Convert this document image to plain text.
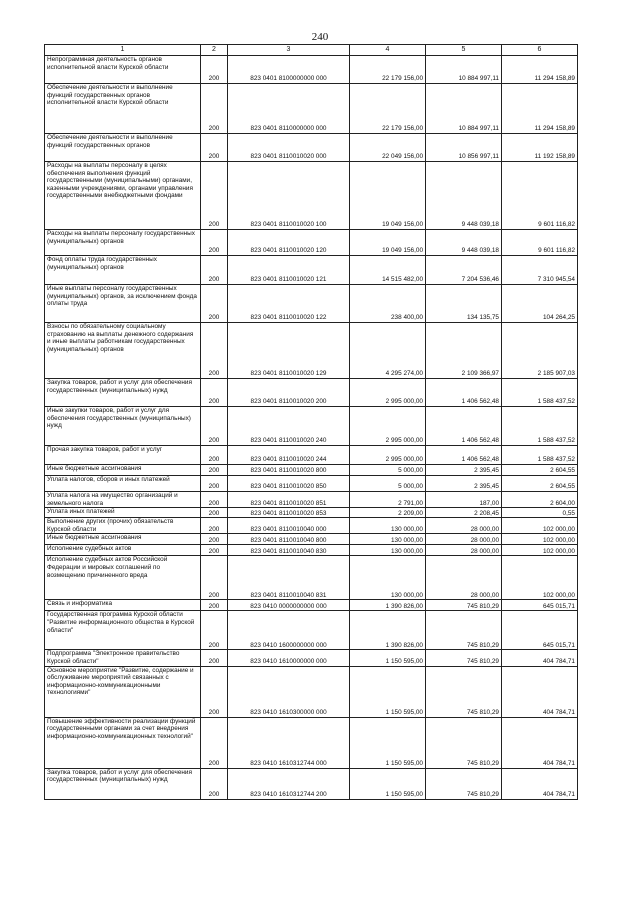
240
1	2	3	4	5	6
Непрограммная деятельность органов исполнительной власти Курской области	200	823 0401 8100000000 000	22 179 156,00	10 884 997,11	11 294 158,89
Обеспечение деятельности и выполнение функций государственных органов исполнительной власти Курской области	200	823 0401 8110000000 000	22 179 156,00	10 884 997,11	11 294 158,89
Обеспечение деятельности и выполнение функций государственных органов	200	823 0401 8110010020 000	22 049 156,00	10 856 997,11	11 192 158,89
Расходы на выплаты персоналу в целях обеспечения выполнения функций государственными (муниципальными) органами, казенными учреждениями, органами управления государственными внебюджетными фондами	200	823 0401 8110010020 100	19 049 156,00	9 448 039,18	9 601 116,82
Расходы на выплаты персоналу государственных (муниципальных) органов	200	823 0401 8110010020 120	19 049 156,00	9 448 039,18	9 601 116,82
Фонд оплаты труда государственных (муниципальных) органов	200	823 0401 8110010020 121	14 515 482,00	7 204 536,46	7 310 945,54
Иные выплаты персоналу государственных (муниципальных) органов, за исключением фонда оплаты труда	200	823 0401 8110010020 122	238 400,00	134 135,75	104 264,25
Взносы по обязательному социальному страхованию на выплаты денежного содержания и иные выплаты работникам государственных (муниципальных) органов	200	823 0401 8110010020 129	4 295 274,00	2 109 366,97	2 185 907,03
Закупка товаров, работ и услуг для обеспечения государственных (муниципальных) нужд	200	823 0401 8110010020 200	2 995 000,00	1 406 562,48	1 588 437,52
Иные закупки товаров, работ и услуг для обеспечения государственных (муниципальных) нужд	200	823 0401 8110010020 240	2 995 000,00	1 406 562,48	1 588 437,52
Прочая закупка товаров, работ и услуг	200	823 0401 8110010020 244	2 995 000,00	1 406 562,48	1 588 437,52
Иные бюджетные ассигнования	200	823 0401 8110010020 800	5 000,00	2 395,45	2 604,55
Уплата налогов, сборов и иных платежей	200	823 0401 8110010020 850	5 000,00	2 395,45	2 604,55
Уплата налога на имущество организаций и земельного налога	200	823 0401 8110010020 851	2 791,00	187,00	2 604,00
Уплата иных платежей	200	823 0401 8110010020 853	2 209,00	2 208,45	0,55
Выполнение других (прочих) обязательств Курской области	200	823 0401 8110010040 000	130 000,00	28 000,00	102 000,00
Иные бюджетные ассигнования	200	823 0401 8110010040 800	130 000,00	28 000,00	102 000,00
Исполнение судебных актов	200	823 0401 8110010040 830	130 000,00	28 000,00	102 000,00
Исполнение судебных актов Российской Федерации и мировых соглашений по возмещению причиненного вреда	200	823 0401 8110010040 831	130 000,00	28 000,00	102 000,00
Связь и информатика	200	823 0410 0000000000 000	1 390 826,00	745 810,29	645 015,71
Государственная программа Курской области "Развитие информационного общества в Курской области"	200	823 0410 1600000000 000	1 390 826,00	745 810,29	645 015,71
Подпрограмма "Электронное правительство Курской области"	200	823 0410 1610000000 000	1 150 595,00	745 810,29	404 784,71
Основное мероприятие "Развитие, содержание и обслуживание мероприятий связанных с информационно-коммуникационными технологиями"	200	823 0410 1610300000 000	1 150 595,00	745 810,29	404 784,71
Повышение эффективности реализации функций государственными органами за счет внедрения информационно-коммуникационных технологий"	200	823 0410 1610312744 000	1 150 595,00	745 810,29	404 784,71
Закупка товаров, работ и услуг для обеспечения государственных (муниципальных) нужд	200	823 0410 1610312744 200	1 150 595,00	745 810,29	404 784,71
